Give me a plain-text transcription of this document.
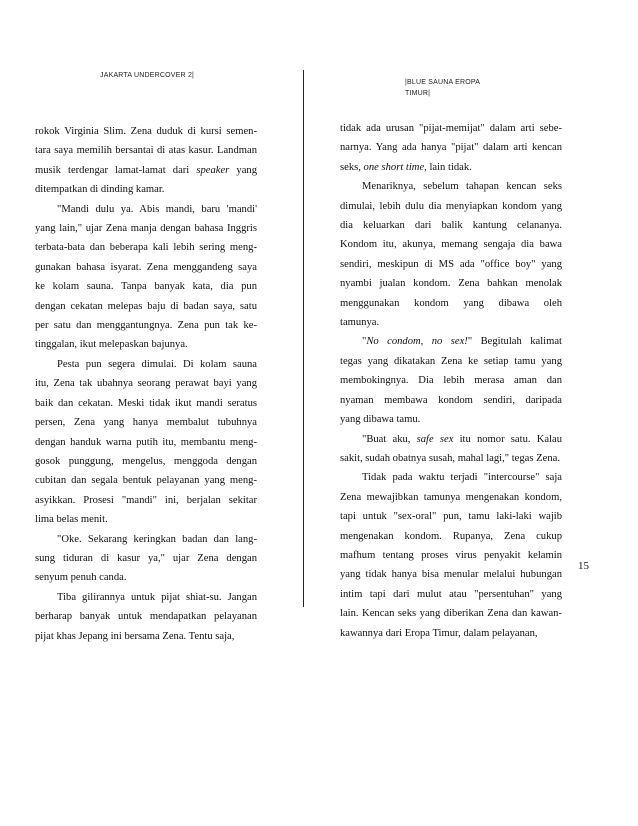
JAKARTA UNDERCOVER 2|
|BLUE SAUNA EROPA
TIMUR|

rokok Virginia Slim. Zena duduk di kursi semen-

tara saya memilih bersantai di atas kasur. Landman

musik terdengar lamat-lamat dari speaker yang

ditempatkan di dinding kamar.

"Mandi dulu ya. Abis mandi, baru 'mandi'

yang lain," ujar Zena manja dengan bahasa Inggris

terbata-bata dan beberapa kali lebih sering meng-

gunakan bahasa isyarat. Zena menggandeng saya

ke kolam sauna. Tanpa banyak kata, dia pun

dengan cekatan melepas baju di badan saya, satu

per satu dan menggantungnya. Zena pun tak ke-

tinggalan, ikut melepaskan bajunya.

Pesta pun segera dimulai. Di kolam sauna

itu, Zena tak ubahnya seorang perawat bayi yang

baik dan cekatan. Meski tidak ikut mandi seratus

persen, Zena yang hanya membalut tubuhnya

dengan handuk warna putih itu, membantu meng-

gosok punggung, mengelus, menggoda dengan

cubitan dan segala bentuk pelayanan yang meng-

asyikkan. Prosesi "mandi" ini, berjalan sekitar

lima belas menit.

"Oke. Sekarang keringkan badan dan lang-

sung tiduran di kasur ya," ujar Zena dengan

senyum penuh canda.

Tiba gilirannya untuk pijat shiat-su. Jangan

berharap banyak untuk mendapatkan pelayanan

pijat khas Jepang ini bersama Zena. Tentu saja,

tidak ada urusan "pijat-memijat" dalam arti sebe-

narnya. Yang ada hanya "pijat" dalam arti kencan

seks, one short time, lain tidak.

Menariknya, sebelum tahapan kencan seks

dimulai, lebih dulu dia menyiapkan kondom yang

dia keluarkan dari balik kantung celananya.

Kondom itu, akunya, memang sengaja dia bawa

sendiri, meskipun di MS ada "office boy" yang

nyambi jualan kondom. Zena bahkan menolak

menggunakan kondom yang dibawa oleh

tamunya.

"No condom, no sex!" Begitulah kalimat

tegas yang dikatakan Zena ke setiap tamu yang

membokingnya. Dia lebih merasa aman dan

nyaman membawa kondom sendiri, daripada

yang dibawa tamu.

"Buat aku, safe sex itu nomor satu. Kalau

sakit, sudah obatnya susah, mahal lagi," tegas Zena.

Tidak pada waktu terjadi "intercourse" saja

Zena mewajibkan tamunya mengenakan kondom,

tapi untuk "sex-oral" pun, tamu laki-laki wajib

mengenakan kondom. Rupanya, Zena cukup

mafhum tentang proses virus penyakit kelamin

yang tidak hanya bisa menular melalui hubungan

intim tapi dari mulut atau "persentuhan" yang

lain. Kencan seks yang diberikan Zena dan kawan-

kawannya dari Eropa Timur, dalam pelayanan,

15
